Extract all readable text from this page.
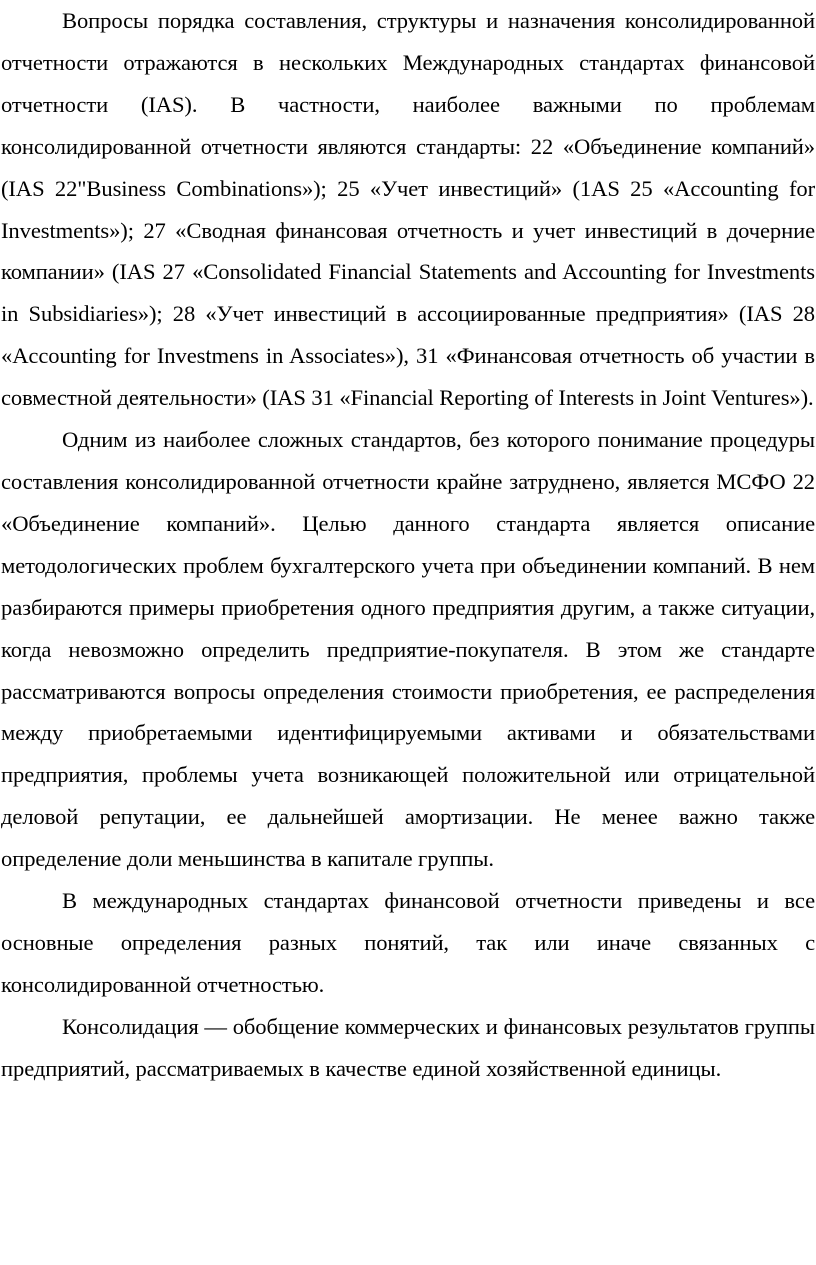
Вопросы порядка составления, структуры и назначения консолидированной отчетности отражаются в нескольких Международных стандартах финансовой отчетности (IAS). В частности, наиболее важными по проблемам консолидированной отчетности являются стандарты: 22 «Объединение компаний» (IAS 22"Business Combinations»); 25 «Учет инвестиций» (1AS 25 «Accounting for Investments»); 27 «Сводная финансовая отчетность и учет инвестиций в дочерние компании» (IAS 27 «Consolidated Financial Statements and Accounting for Investments in Subsidiaries»); 28 «Учет инвестиций в ассоциированные предприятия» (IAS 28 «Accounting for Investmens in Associates»), 31 «Финансовая отчетность об участии в совместной деятельности» (IAS 31 «Financial Reporting of Interests in Joint Ventures»).

Одним из наиболее сложных стандартов, без которого понимание процедуры составления консолидированной отчетности крайне затруднено, является МСФО 22 «Объединение компаний». Целью данного стандарта является описание методологических проблем бухгалтерского учета при объединении компаний. В нем разбираются примеры приобретения одного предприятия другим, а также ситуации, когда невозможно определить предприятие-покупателя. В этом же стандарте рассматриваются вопросы определения стоимости приобретения, ее распределения между приобретаемыми идентифицируемыми активами и обязательствами предприятия, проблемы учета возникающей положительной или отрицательной деловой репутации, ее дальнейшей амортизации. Не менее важно также определение доли меньшинства в капитале группы.

В международных стандартах финансовой отчетности приведены и все основные определения разных понятий, так или иначе связанных с консолидированной отчетностью.

Консолидация — обобщение коммерческих и финансовых результатов группы предприятий, рассматриваемых в качестве единой хозяйственной единицы.
